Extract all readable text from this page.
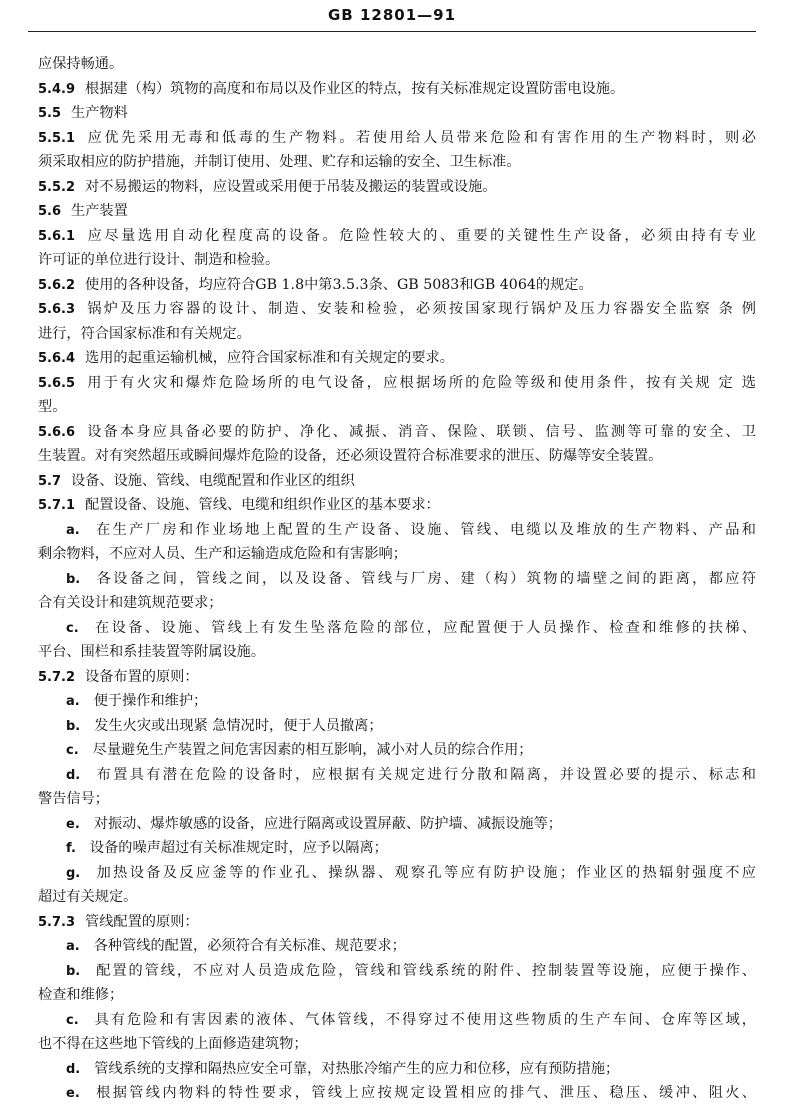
GB 12801—91
应保持畅通。
5.4.9 根据建（构）筑物的高度和布局以及作业区的特点，按有关标准规定设置防雷电设施。
5.5 生产物料
5.5.1 应优先采用无毒和低毒的生产物料。若使用给人员带来危险和有害作用的生产物料时，则必
须采取相应的防护措施，并制订使用、处理、贮存和运输的安全、卫生标准。
5.5.2 对不易搬运的物料，应设置或采用便于吊装及搬运的装置或设施。
5.6 生产装置
5.6.1 应尽量选用自动化程度高的设备。危险性较大的、重要的关键性生产设备，必须由持有专业
许可证的单位进行设计、制造和检验。
5.6.2 使用的各种设备，均应符合GB 1.8中第3.5.3条、GB 5083和GB 4064的规定。
5.6.3 锅炉及压力容器的设计、制造、安装和检验，必须按国家现行锅炉及压力容器安全监察 条 例
进行，符合国家标准和有关规定。
5.6.4 选用的起重运输机械，应符合国家标准和有关规定的要求。
5.6.5 用于有火灾和爆炸危险场所的电气设备，应根据场所的危险等级和使用条件，按有关规 定 选
型。
5.6.6 设备本身应具备必要的防护、净化、减振、消音、保险、联锁、信号、监测等可靠的安全、卫
生装置。对有突然超压或瞬间爆炸危险的设备，还必须设置符合标准要求的泄压、防爆等安全装置。
5.7 设备、设施、管线、电缆配置和作业区的组织
5.7.1 配置设备、设施、管线、电缆和组织作业区的基本要求：
a. 在生产厂房和作业场地上配置的生产设备、设施、管线、电缆以及堆放的生产物料、产品和
剩余物料，不应对人员、生产和运输造成危险和有害影响；
b. 各设备之间，管线之间，以及设备、管线与厂房、建（构）筑物的墙壁之间的距离，都应符
合有关设计和建筑规范要求；
c. 在设备、设施、管线上有发生坠落危险的部位，应配置便于人员操作、检查和维修的扶梯、
平台、围栏和系挂装置等附属设施。
5.7.2 设备布置的原则：
a. 便于操作和维护；
b. 发生火灾或出现紧 急情况时，便于人员撤离；
c. 尽量避免生产装置之间危害因素的相互影响，减小对人员的综合作用；
d. 布置具有潜在危险的设备时，应根据有关规定进行分散和隔离，并设置必要的提示、标志和
警告信号；
e. 对振动、爆炸敏感的设备，应进行隔离或设置屏蔽、防护墙、减振设施等；
f. 设备的噪声超过有关标准规定时，应予以隔离；
g. 加热设备及反应釜等的作业孔、操纵器、观察孔等应有防护设施；作业区的热辐射强度不应
超过有关规定。
5.7.3 管线配置的原则：
a. 各种管线的配置，必须符合有关标准、规范要求；
b. 配置的管线，不应对人员造成危险，管线和管线系统的附件、控制装置等设施，应便于操作、
检查和维修；
c. 具有危险和有害因素的液体、气体管线，不得穿过不使用这些物质的生产车间、仓库等区域，
也不得在这些地下管线的上面修造建筑物；
d. 管线系统的支撑和隔热应安全可靠，对热胀冷缩产生的应力和位移，应有预防措施；
e. 根据管线内物料的特性要求，管线上应按规定设置相应的排气、泄压、稳压、缓冲、阻火、
